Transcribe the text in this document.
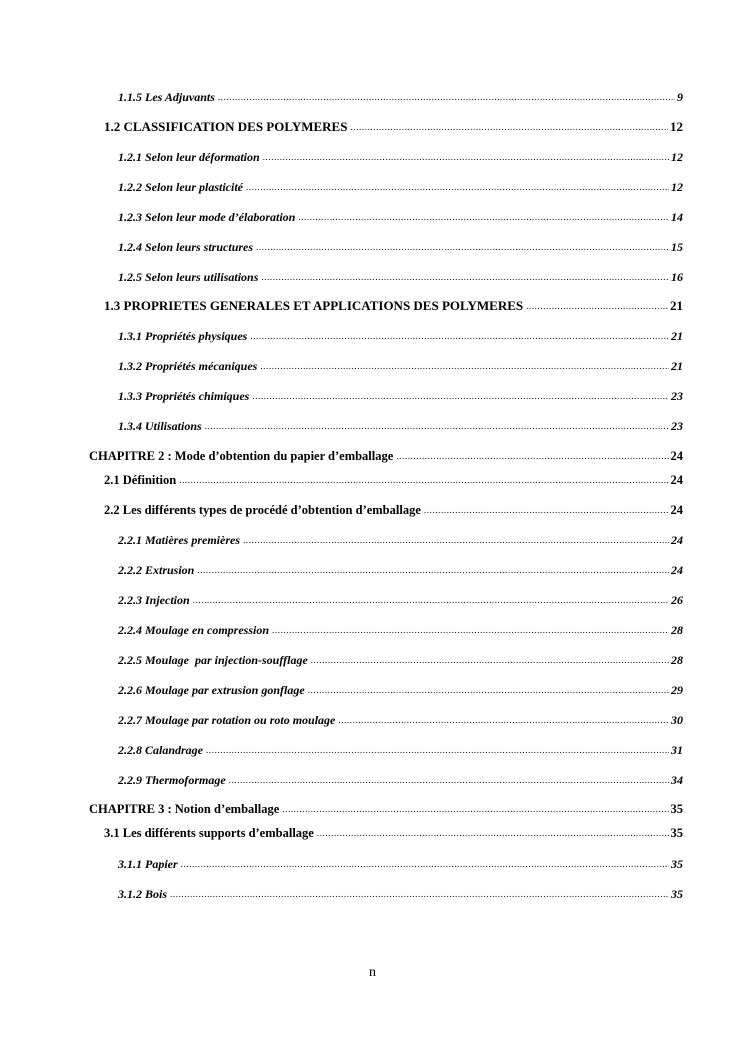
1.1.5 Les Adjuvants .....	9
1.2 CLASSIFICATION DES POLYMERES .....	12
1.2.1 Selon leur déformation .....	12
1.2.2 Selon leur plasticité .....	12
1.2.3 Selon leur mode d’élaboration .....	14
1.2.4 Selon leurs structures .....	15
1.2.5 Selon leurs utilisations .....	16
1.3 PROPRIETES GENERALES ET APPLICATIONS DES POLYMERES .....	21
1.3.1 Propriétés physiques .....	21
1.3.2 Propriétés mécaniques .....	21
1.3.3 Propriétés chimiques .....	23
1.3.4 Utilisations .....	23
CHAPITRE 2 : Mode d’obtention du papier d’emballage .....	24
2.1 Définition .....	24
2.2 Les différents types de procédé d’obtention d’emballage .....	24
2.2.1 Matières premières .....	24
2.2.2 Extrusion .....	24
2.2.3 Injection .....	26
2.2.4 Moulage en compression .....	28
2.2.5 Moulage  par injection-soufflage .....	28
2.2.6 Moulage par extrusion gonflage .....	29
2.2.7 Moulage par rotation ou roto moulage .....	30
2.2.8 Calandrage .....	31
2.2.9 Thermoformage .....	34
CHAPITRE 3 : Notion d’emballage .....	35
3.1 Les différents supports d’emballage .....	35
3.1.1 Papier .....	35
3.1.2 Bois .....	35
n
